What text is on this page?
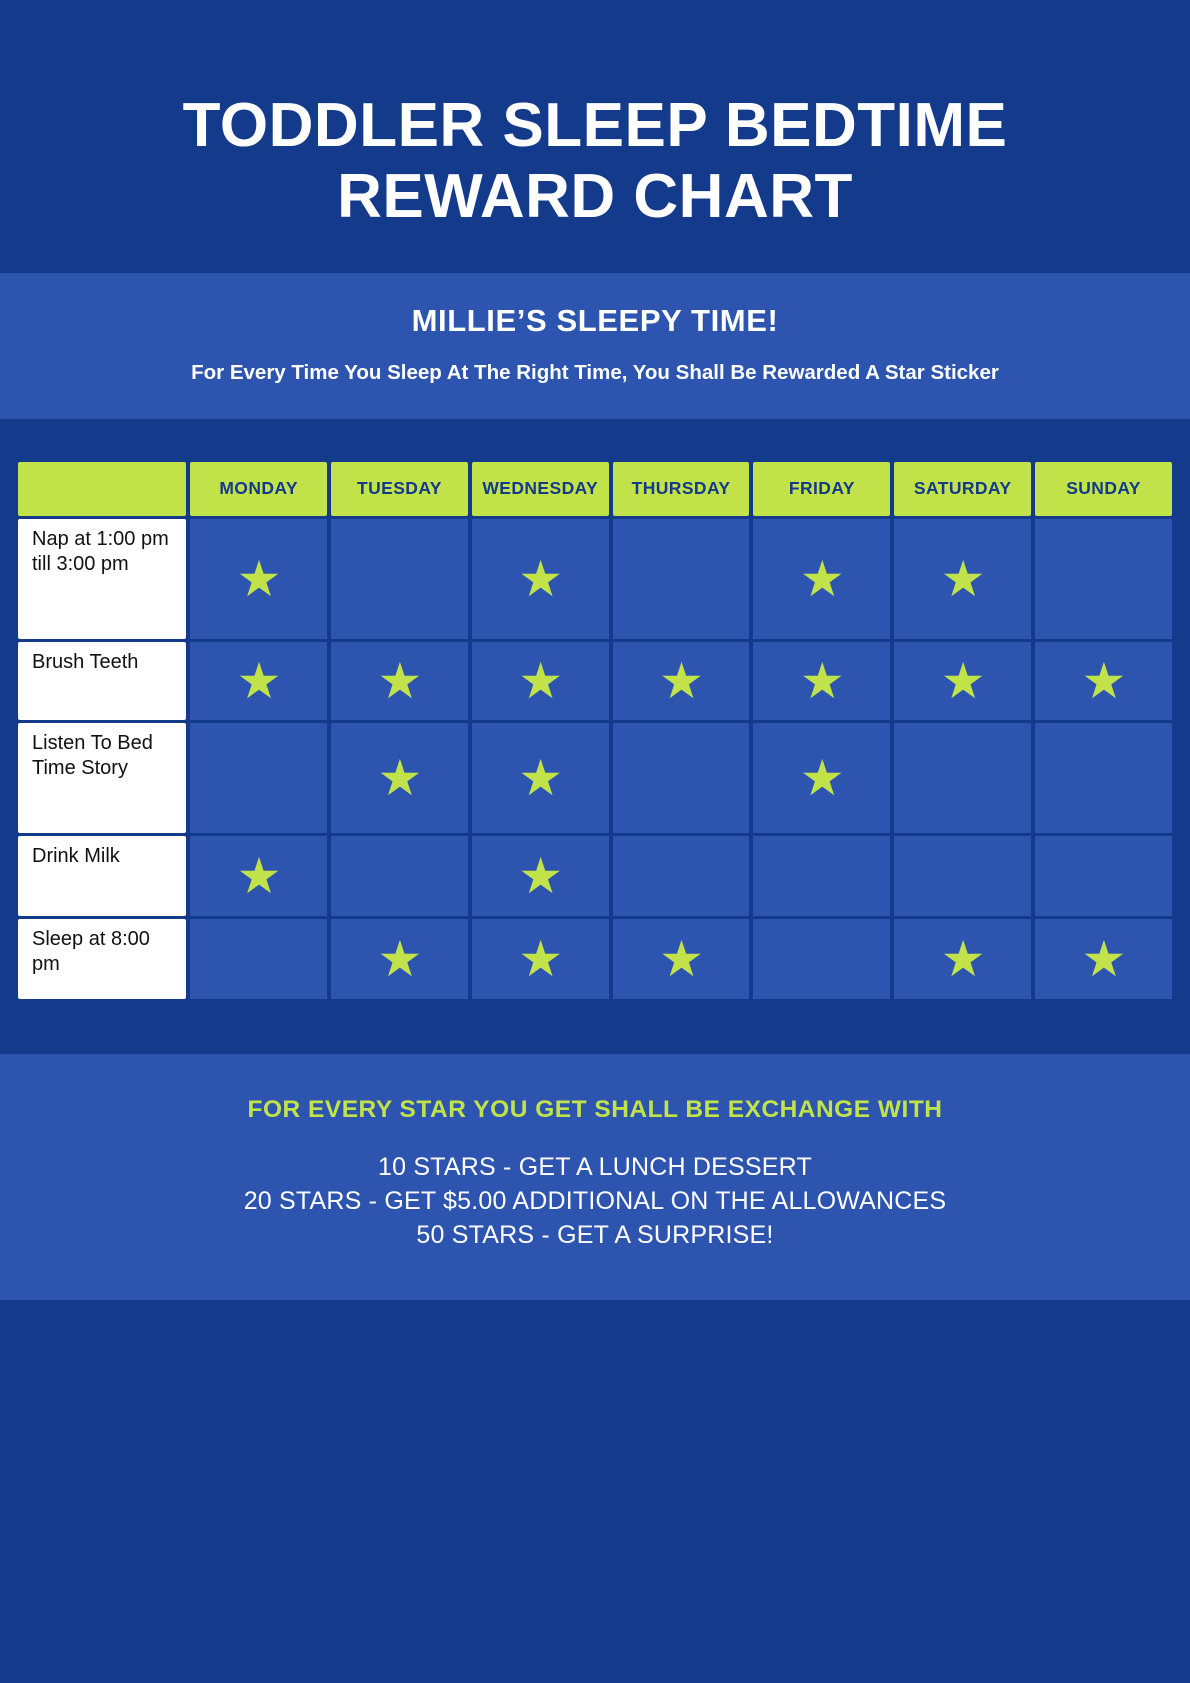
TODDLER SLEEP BEDTIME REWARD CHART
MILLIE’S SLEEPY TIME!
For Every Time You Sleep At The Right Time, You Shall Be Rewarded A Star Sticker
	MONDAY	TUESDAY	WEDNESDAY	THURSDAY	FRIDAY	SATURDAY	SUNDAY
Nap at 1:00 pm till 3:00 pm	★		★		★	★	
Brush Teeth	★	★	★	★	★	★	★
Listen To Bed Time Story		★	★		★		
Drink Milk	★		★				
Sleep at 8:00 pm		★	★	★		★	★
FOR EVERY STAR YOU GET SHALL BE EXCHANGE WITH
10 STARS - GET A LUNCH DESSERT
20 STARS - GET $5.00 ADDITIONAL ON THE ALLOWANCES
50 STARS - GET A SURPRISE!
